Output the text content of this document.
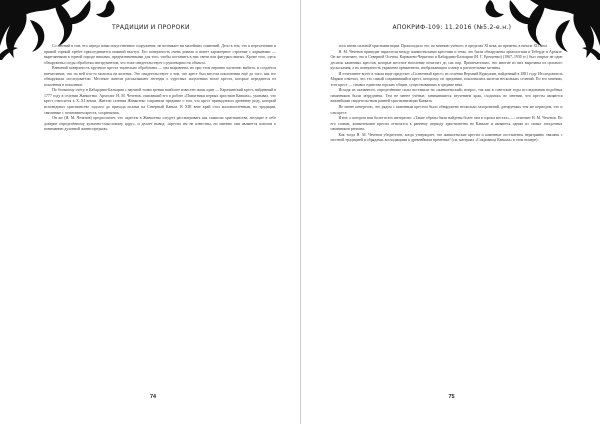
ТРАДИЦИИ И ПРОРОКИ

Со мнений в том, что передо нами искусственное сооружение, не возникает ни малейших сомнений. Дело в том, что к пересечению и прямой горный хребет присоединяется нижний выступ. Его поверхность очень ровная и имеет характерное строение с карманами — вырезанными в горной породе нишами, предназначенными для того, чтобы поставить в них свечи или фигурки святых. Кроме того, здесь обнаружены следы обработки инструментом, что тоже свидетельствует о рукотворности объекта.

Внешний поверхность крупного креста тщательно обработана — она выровнена, но при этом неровно частично выбита, и создаётся впечатление, что по ней кто-то молился на коленях. Это свидетельствует о том, что крест был местом поклонения ещё до того, как его обнаружили исследователи. Местные жители рассказывают легенды о чудесных исцелениях возле креста, которые передаются из поколения в поколение.

По большому счёту, в Кабардино-Балкарии с научной точки зрения наиболее известен лишь один — Карачаевский крест, найденный в 1777 году в селении Жанкотеко. Археолог Н. М. Чеченов, описавший его в работе «Памятники первых христиан Кавказа», указывал, что крест относится к X–XI векам. Жители селения Жанкотеко сохранили предание о том, что крест принадлежал древнему роду, который исповедовал христианство задолго до прихода ислама на Северный Кавказ. В XIII веке край стал малонаселённым, но традиции, связанные с почитанием креста, сохранились.

Он же (Н. М. Чеченов) предполагает, что «кресты в Жанкотеко следует рассматривать как символы христианства, несущие в себе доверие определённому культово-смысловому ядру», и делает вывод: «кресты им не известны, но именно они являются ключом к пониманию духовной жизни предков».

74
АПОКРИФ-109: 11.2016 (№5.2-е.н.)

лось вновь сильной христианизации. Происходило это, по мнению учёного, в пределах XI века, во времена, в начале XII века.

Н. М. Чеченов приводит параллели между жанкотекскими крестами и теми, что были обнаружены археологами в Теберде и Архызе. Он же отмечает, что в Северной Осетии, Карачаево-Черкесии и Кабардино-Балкарии (Н. Г. Ерещенко) (1867–1930 гг.) был открыт не один десяток каменных крестов, которые местное население почитает до сих пор. Примечательно, что многие из них вырезаны из цельного куска камня, а их поверхность украшена орнаментом, изображающим солнце и растительные мотивы.

И отчетливее всего в таком виде предстает «Солнечный крест» из селения Верхний Куркужин, найденный в 1881 году. Исследователь Марков отмечал, что это самый сохранившийся крест, которому, по преданию, поклонялись жители нескольких селений. По его мнению, этот крест — символ единства горских общин, существовавших в средние века.

Исходя из сказанного, определённые силы поставили на «жанкотекский» вопрос, так как в советские годы исследования подобных памятников были затруднены. Тем не менее учёные, занимавшиеся изучением края, сходились во мнении, что кресты являются важнейшим свидетельством ранней христианизации Кавказа.

Не менее интересно, что рядом с каменным крестом было обнаружено несколько захоронений, датируемых тем же периодом, что и сам крест.

И вот, о котором нам более всего интересно: «Такие образы были найдены более чем в сорока местах», — отмечает Н. М. Чеченов. По его словам, жанкотекские кресты относятся к раннему периоду христианства на Кавказе и являются одним из самых загадочных памятников региона.

Как тогда Н. М. Чеченов убедителен, когда утверждает, что жанкотекские кресты и каменные постаменты неразрывно связаны с местной традицией и обрядами, восходящими к древнейшим временам? (см. материал «Сокровища Кавказа» в этом номере).

75
